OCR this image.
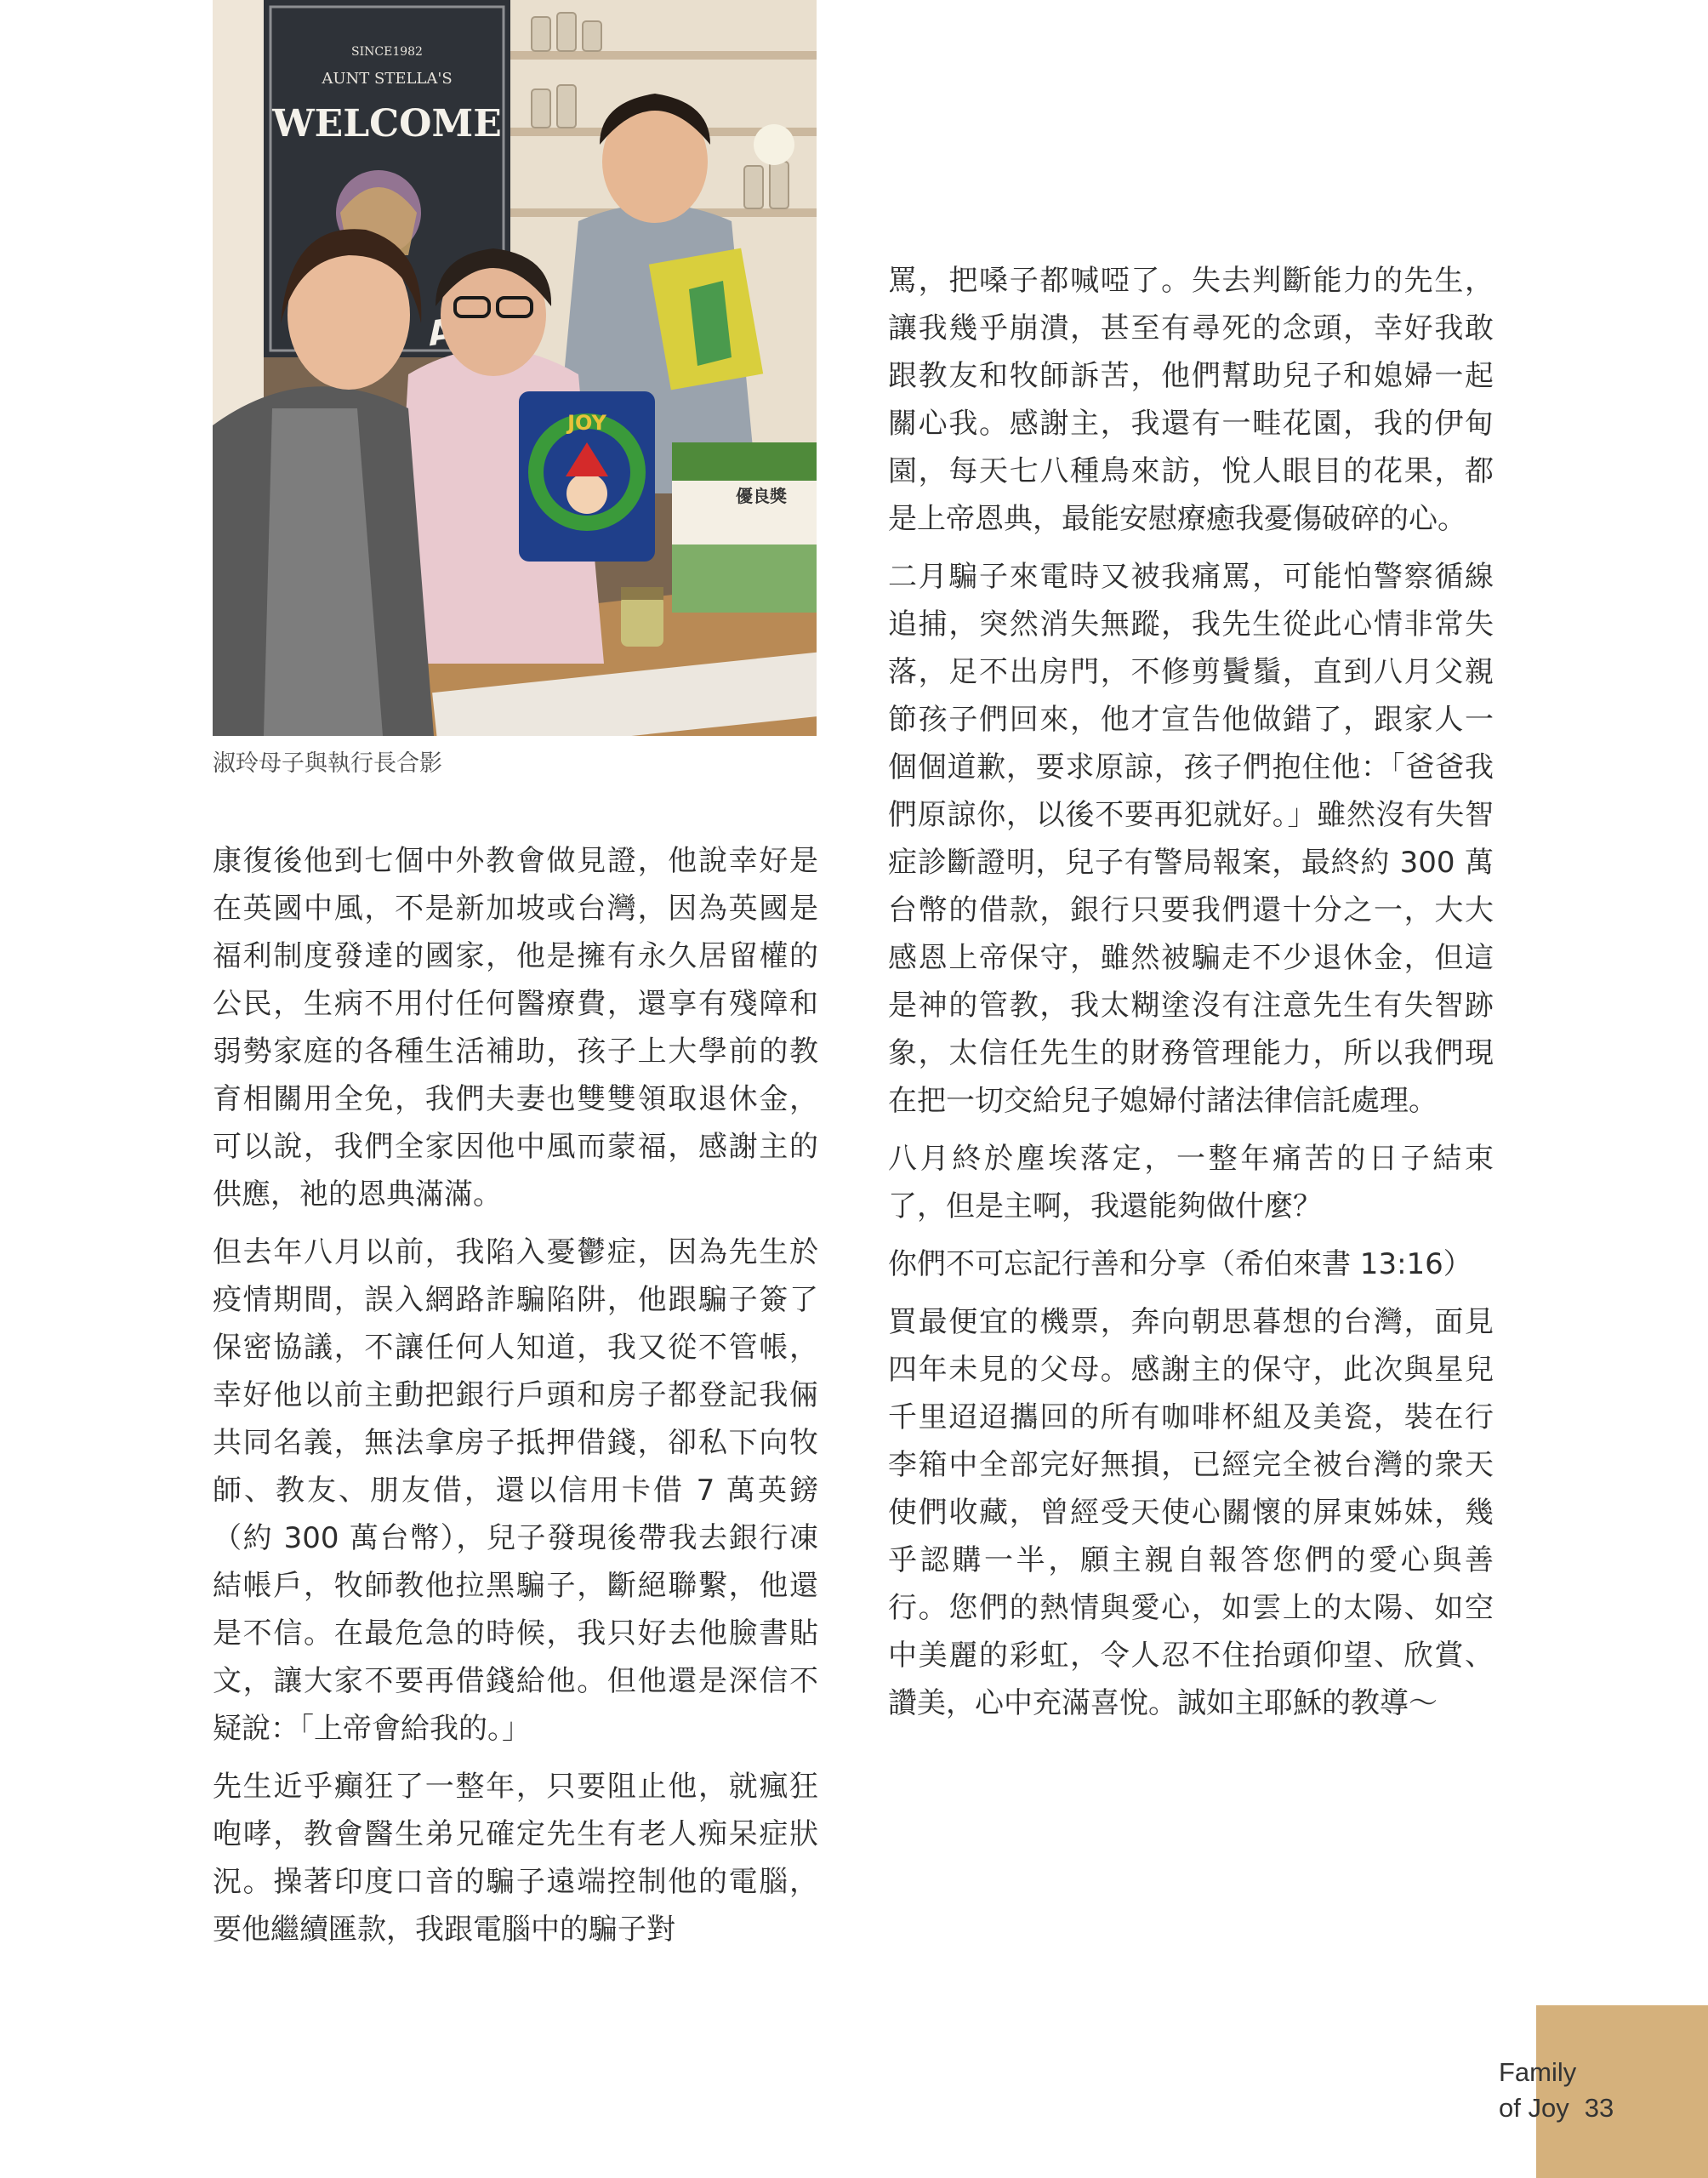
SINCE1982
AUNT STELLA'S
WELCOME
JOY
優良獎
淑玲母子與執行長合影

康復後他到七個中外教會做見證，他說幸好是在英國中風，不是新加坡或台灣，因為英國是福利制度發達的國家，他是擁有永久居留權的公民，生病不用付任何醫療費，還享有殘障和弱勢家庭的各種生活補助，孩子上大學前的教育相關用全免，我們夫妻也雙雙領取退休金，可以說，我們全家因他中風而蒙福，感謝主的供應，祂的恩典滿滿。

但去年八月以前，我陷入憂鬱症，因為先生於疫情期間，誤入網路詐騙陷阱，他跟騙子簽了保密協議，不讓任何人知道，我又從不管帳，幸好他以前主動把銀行戶頭和房子都登記我倆共同名義，無法拿房子抵押借錢，卻私下向牧師、教友、朋友借，還以信用卡借 7 萬英鎊（約 300 萬台幣），兒子發現後帶我去銀行凍結帳戶，牧師教他拉黑騙子，斷絕聯繫，他還是不信。在最危急的時候，我只好去他臉書貼文，讓大家不要再借錢給他。但他還是深信不疑說：「上帝會給我的。」

先生近乎癲狂了一整年，只要阻止他，就瘋狂咆哮，教會醫生弟兄確定先生有老人痴呆症狀況。操著印度口音的騙子遠端控制他的電腦，要他繼續匯款，我跟電腦中的騙子對

罵，把嗓子都喊啞了。失去判斷能力的先生，讓我幾乎崩潰，甚至有尋死的念頭，幸好我敢跟教友和牧師訴苦，他們幫助兒子和媳婦一起關心我。感謝主，我還有一畦花園，我的伊甸園，每天七八種鳥來訪，悅人眼目的花果，都是上帝恩典，最能安慰療癒我憂傷破碎的心。

二月騙子來電時又被我痛罵，可能怕警察循線追捕，突然消失無蹤，我先生從此心情非常失落，足不出房門，不修剪鬢鬚，直到八月父親節孩子們回來，他才宣告他做錯了，跟家人一個個道歉，要求原諒，孩子們抱住他：「爸爸我們原諒你，以後不要再犯就好。」雖然沒有失智症診斷證明，兒子有警局報案，最終約 300 萬台幣的借款，銀行只要我們還十分之一，大大感恩上帝保守，雖然被騙走不少退休金，但這是神的管教，我太糊塗沒有注意先生有失智跡象，太信任先生的財務管理能力，所以我們現在把一切交給兒子媳婦付諸法律信託處理。

八月終於塵埃落定，一整年痛苦的日子結束了，但是主啊，我還能夠做什麼？

你們不可忘記行善和分享（希伯來書 13:16）

買最便宜的機票，奔向朝思暮想的台灣，面見四年未見的父母。感謝主的保守，此次與星兒千里迢迢攜回的所有咖啡杯組及美瓷，裝在行李箱中全部完好無損，已經完全被台灣的衆天使們收藏，曾經受天使心關懷的屏東姊妹，幾乎認購一半，願主親自報答您們的愛心與善行。您們的熱情與愛心，如雲上的太陽、如空中美麗的彩虹，令人忍不住抬頭仰望、欣賞、讚美，心中充滿喜悅。誠如主耶穌的教導～

Family
of Joy 33
